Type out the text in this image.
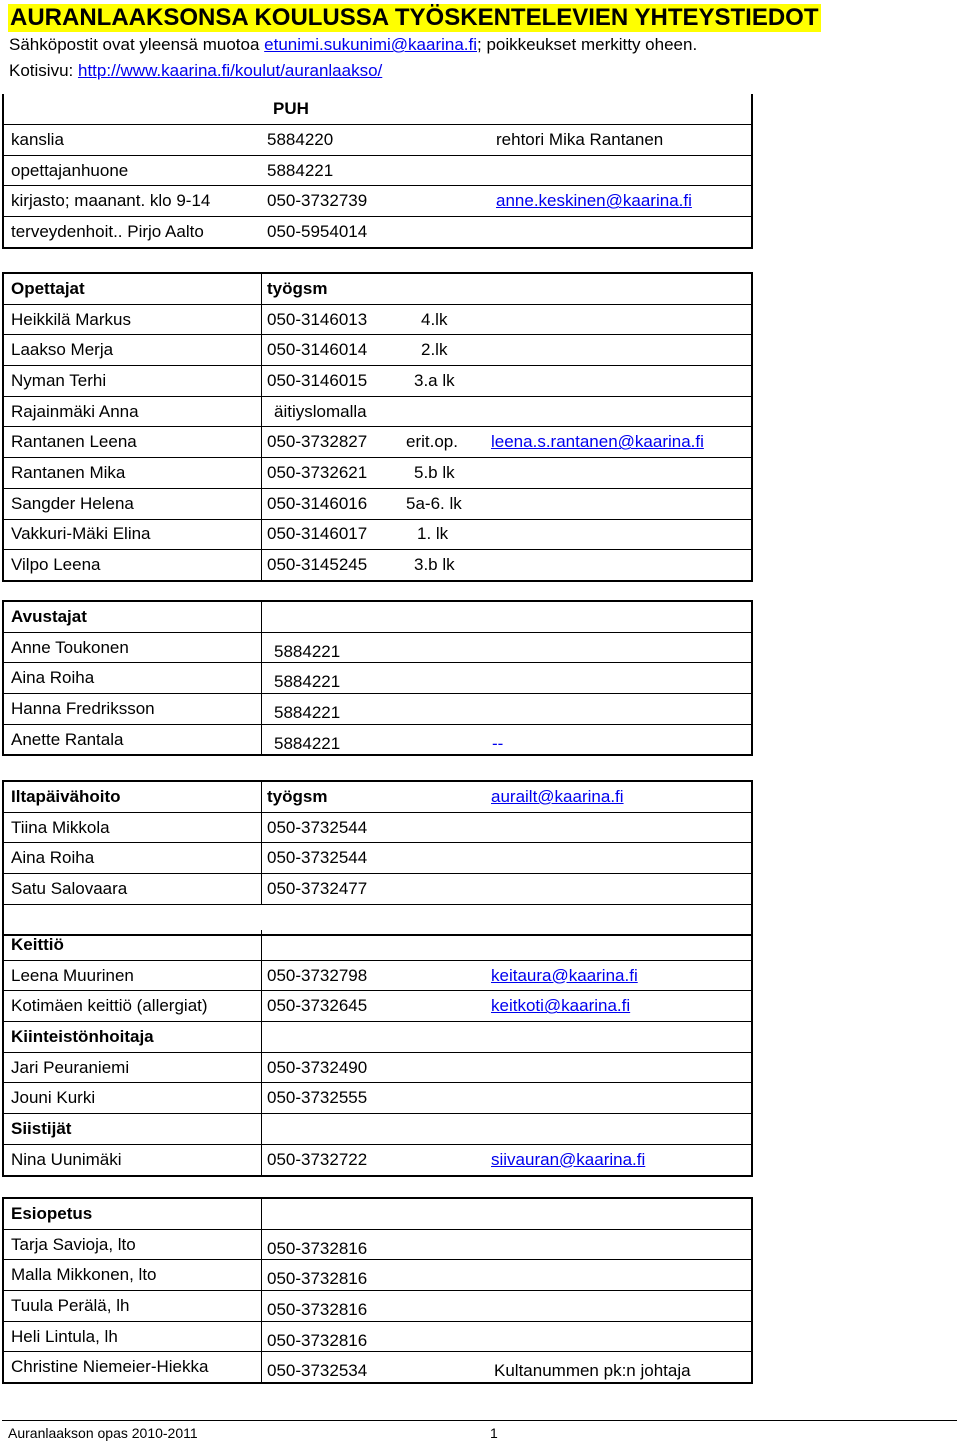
AURANLAAKSONSA KOULUSSA TYÖSKENTELEVIEN YHTEYSTIEDOT
Sähköpostit ovat yleensä muotoa etunimi.sukunimi@kaarina.fi; poikkeukset merkitty oheen.
Kotisivu: http://www.kaarina.fi/koulut/auranlaakso/
PUH
kanslia	5884220	rehtori Mika Rantanen
opettajanhuone	5884221
kirjasto; maanant. klo 9-14	050-3732739	anne.keskinen@kaarina.fi
terveydenhoit.. Pirjo Aalto	050-5954014
Opettajat	työgsm
Heikkilä Markus	050-3146013	4.lk
Laakso Merja	050-3146014	2.lk
Nyman Terhi	050-3146015	3.a lk
Rajainmäki Anna	äitiyslomalla
Rantanen Leena	050-3732827 erit.op. leena.s.rantanen@kaarina.fi
Rantanen Mika	050-3732621	5.b lk
Sangder Helena	050-3146016 5a-6. lk
Vakkuri-Mäki Elina	050-3146017	1. lk
Vilpo Leena	050-3145245	3.b lk
Avustajat
Anne Toukonen	5884221
Aina Roiha	5884221
Hanna Fredriksson	5884221
Anette Rantala	5884221	--
Iltapäivähoito	työgsm	aurailt@kaarina.fi
Tiina Mikkola	050-3732544
Aina Roiha	050-3732544
Satu Salovaara	050-3732477
Keittiö
Leena Muurinen	050-3732798	keitaura@kaarina.fi
Kotimäen keittiö (allergiat)	050-3732645	keitkoti@kaarina.fi
Kiinteistönhoitaja
Jari Peuraniemi	050-3732490
Jouni Kurki	050-3732555
Siistijät
Nina Uunimäki	050-3732722	siivauran@kaarina.fi
Esiopetus
Tarja Savioja, lto	050-3732816
Malla Mikkonen, lto	050-3732816
Tuula Perälä, lh	050-3732816
Heli Lintula, lh	050-3732816
Christine Niemeier-Hiekka	050-3732534	Kultanummen pk:n johtaja
Auranlaakson opas 2010-2011	1
